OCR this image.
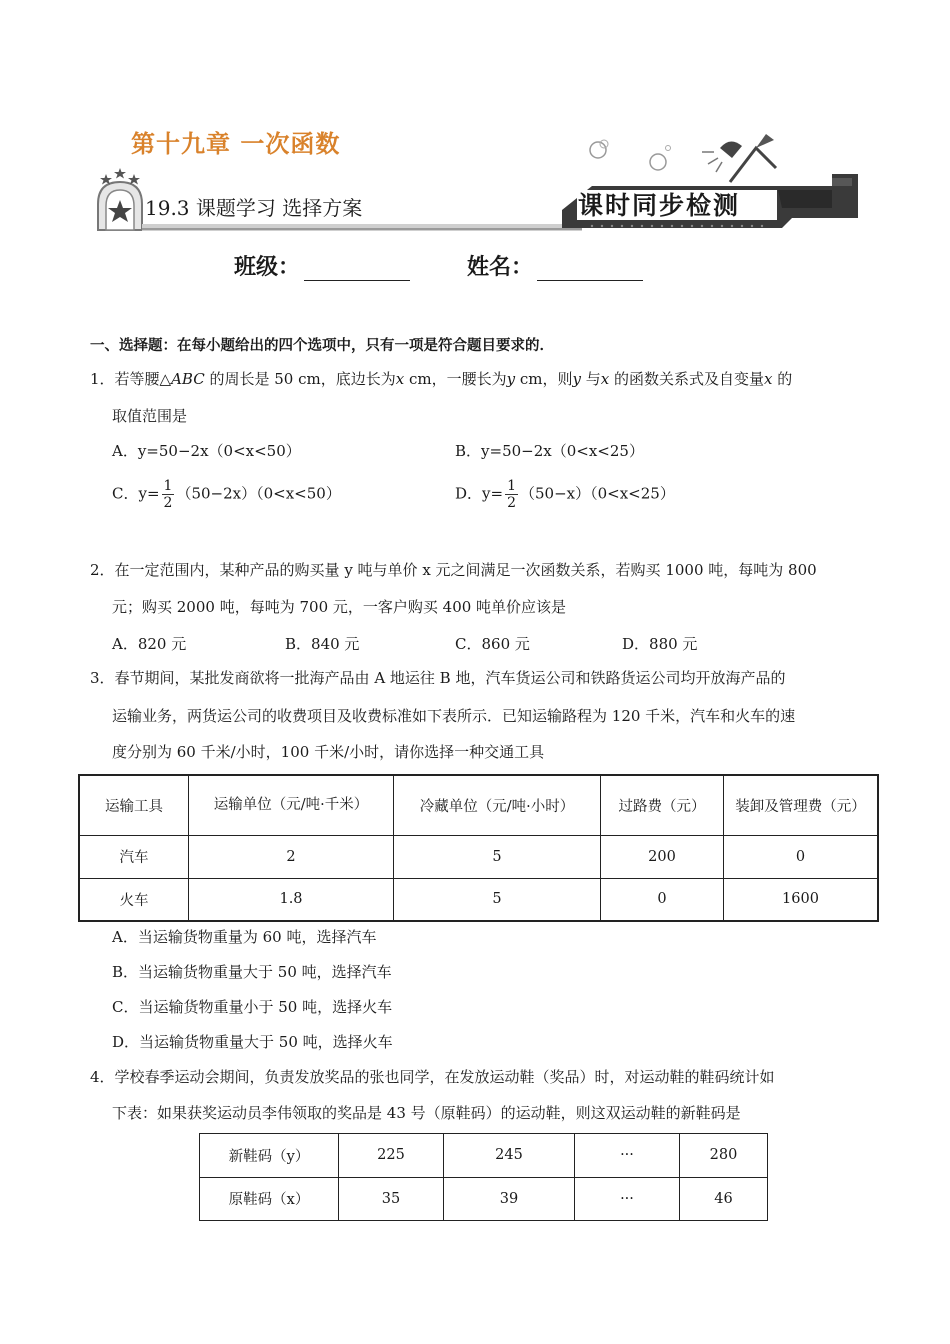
第十九章 一次函数
19.3 课题学习 选择方案	课时同步检测
班级：	姓名：
一、选择题：在每小题给出的四个选项中，只有一项是符合题目要求的．
1．若等腰△ABC 的周长是 50 cm，底边长为x cm，一腰长为y cm，则y 与x 的函数关系式及自变量x 的
取值范围是
A．y=50−2x（0<x<50）	B．y=50−2x（0<x<25）
C．$y= \frac{1}{2} (50-2x)(0<x<50)$	D．$y= \frac{1}{2} (50-x)(0<x<25)$
2．在一定范围内，某种产品的购买量 y 吨与单价 x 元之间满足一次函数关系，若购买 1000 吨，每吨为 800
元；购买 2000 吨，每吨为 700 元，一客户购买 400 吨单价应该是
A．820 元	B．840 元	C．860 元	D．880 元
3．春节期间，某批发商欲将一批海产品由 A 地运往 B 地，汽车货运公司和铁路货运公司均开放海产品的
运输业务，两货运公司的收费项目及收费标准如下表所示．已知运输路程为 120 千米，汽车和火车的速
度分别为 60 千米/小时，100 千米/小时，请你选择一种交通工具
运输工具	运输单位（元/吨·千米）	冷藏单位（元/吨·小时）	过路费（元）	装卸及管理费（元）
汽车	2	5	200	0
火车	1.8	5	0	1600
A．当运输货物重量为 60 吨，选择汽车
B．当运输货物重量大于 50 吨，选择汽车
C．当运输货物重量小于 50 吨，选择火车
D．当运输货物重量大于 50 吨，选择火车
4．学校春季运动会期间，负责发放奖品的张也同学，在发放运动鞋（奖品）时，对运动鞋的鞋码统计如
下表：如果获奖运动员李伟领取的奖品是 43 号（原鞋码）的运动鞋，则这双运动鞋的新鞋码是
新鞋码（y）	225	245	···	280
原鞋码（x）	35	39	···	46
